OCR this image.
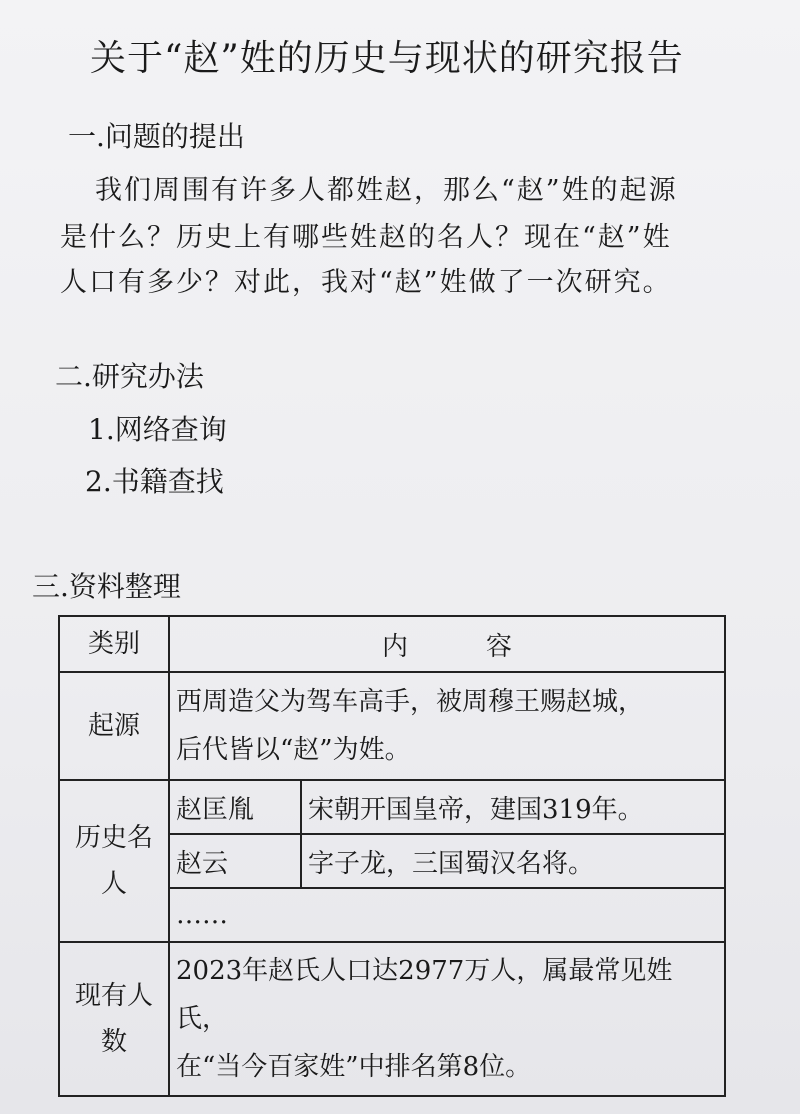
关于“赵”姓的历史与现状的研究报告
一.问题的提出
我们周围有许多人都姓赵，那么“赵”姓的起源
是什么？历史上有哪些姓赵的名人？现在“赵”姓
人口有多少？对此，我对“赵”姓做了一次研究。
二.研究办法
1.网络查询
2.书籍查找
三.资料整理
类别	内　　　容	
起源	西周造父为驾车高手，被周穆王赐赵城，
后代皆以“赵”为姓。	

历史名人	赵匡胤	宋朝开国皇帝，建国319年。
	赵云	字子龙，三国蜀汉名将。
	……	
现有人数	2023年赵氏人口达2977万人，属最常见姓氏，
在“当今百家姓”中排名第8位。	
